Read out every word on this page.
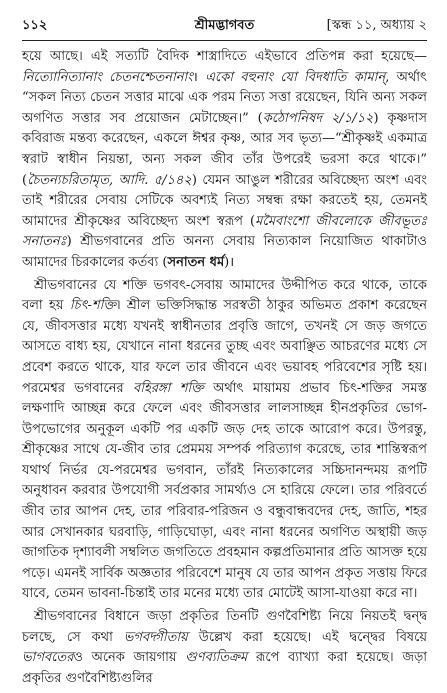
১১২	শ্রীমদ্ভাগবত	[স্কন্ধ ১১, অধ্যায় ২

হয়ে আছে। এই সত্যটি বৈদিক শাস্ত্রাদিতে এইভাবে প্রতিপন্ন করা হয়েছে—নিত্যোনিত্যানাং চেতনশ্চেতনানাং। একো বহুনাং যো বিদধাতি কামান্, অর্থাৎ “সকল নিত্য চেতন সত্তার মাঝে এক পরম নিত্য সত্তা রয়েছেন, যিনি অন্য সকল অগণিত সত্তার সব প্রয়োজন মেটাচ্ছেন।” (কঠোপনিষদ ২/১/১২) কৃষ্ণদাস কবিরাজ মন্তব্য করেছেন, একলে ঈশ্বর কৃষ্ণ, আর সব ভৃত্য—“শ্রীকৃষ্ণই একমাত্র স্বরাট স্বাধীন নিয়ন্তা, অন্য সকল জীব তাঁর উপরেই ভরসা করে থাকে।” (চৈতন্যচরিতামৃত, আদি. ৫/১৪২) যেমন আঙুল শরীরের অবিচ্ছেদ্য অংশ এবং তাই শরীরের সেবায় সেটিকে অবশ্যই নিত্য সম্বন্ধ রক্ষা করতেই হয়, তেমনই আমাদের শ্রীকৃষ্ণের অবিচ্ছেদ্য অংশ স্বরূপ (মমৈবাংশো জীবলোকে জীবভূতঃ সনাতনঃ) শ্রীভগবানের প্রতি অনন্য সেবায় নিত্যকাল নিয়োজিত থাকাটাও আমাদের চিরকালের কর্তব্য (সনাতন ধর্ম)।

শ্রীভগবানের যে শক্তি ভগবৎ-সেবায় আমাদের উদ্দীপিত করে থাকে, তাকে বলা হয় চিৎ-শক্তি। শ্রীল ভক্তিসিদ্ধান্ত সরস্বতী ঠাকুর অভিমত প্রকাশ করেছেন যে, জীবসত্তার মধ্যে যখনই স্বাধীনতার প্রবৃত্তি জাগে, তখনই সে জড় জগতে আসতে বাধ্য হয়, যেখানে নানা ধরনের তুচ্ছ এবং অবাঞ্ছিত আচরণের মধ্যে সে প্রবেশ করতে থাকে, যার ফলে তার জীবনে এবং ভয়াবহ পরিবেশের সৃষ্টি হয়। পরমেশ্বর ভগবানের বহিরঙ্গা শক্তি অর্থাৎ মায়াময় প্রভাব চিৎ-শক্তির সমস্ত লক্ষণাদি আচ্ছন্ন করে ফেলে এবং জীবসত্তার লালসাচ্ছন্ন হীনপ্রকৃতির ভোগ-উপভোগের অনুকূল একটি পর একটি জড় দেহ তাকে আরোপ করে। উপরন্তু, শ্রীকৃষ্ণের সাথে যে-জীব তার প্রেমময় সম্পর্ক পরিত্যাগ করেছে, তার শান্তিস্বরূপ যথার্থ নির্ভর যে-পরমেশ্বর ভগবান, তাঁরই নিত্যকালের সচ্চিদানন্দময় রূপটি অনুধাবন করবার উপযোগী সর্বপ্রকার সামর্থ্যও সে হারিয়ে ফেলে। তার পরিবর্তে জীব তার আপন দেহ, তার পরিবার-পরিজন ও বন্ধুবান্ধবদের দেহ, জাতি, শহর আর সেখানকার ঘরবাড়ি, গাড়িঘোড়া, এবং নানা ধরনের অগণিত অস্থায়ী জড় জাগতিক দৃশ্যাবলী সম্বলিত জগতিতে প্রবহমান কল্পপ্রতিমানার প্রতি আসক্ত হয়ে পড়ে। এমনই সার্বিক অজ্ঞতার পরিবেশে মানুষ যে তার আপন প্রকৃত সত্তায় ফিরে যাবে, তেমন ভাবনা-চিন্তাই তার মনের মধ্যে তার মোটেই আসা-যাওয়া করে না।

শ্রীভগবানের বিধানে জড়া প্রকৃতির তিনটি গুণবৈশিষ্ট্য নিয়ে নিয়তই দ্বন্দ্ব চলছে, সে কথা ভগবদ্গীতায় উল্লেখ করা হয়েছে। এই দ্বন্দ্বের বিষয়ে ভাগবতেরও অনেক জায়গায় গুণব্যতিক্রম রূপে ব্যাখ্যা করা হয়েছে। জড়া প্রকৃতির গুণবৈশিষ্ট্যগুলির
